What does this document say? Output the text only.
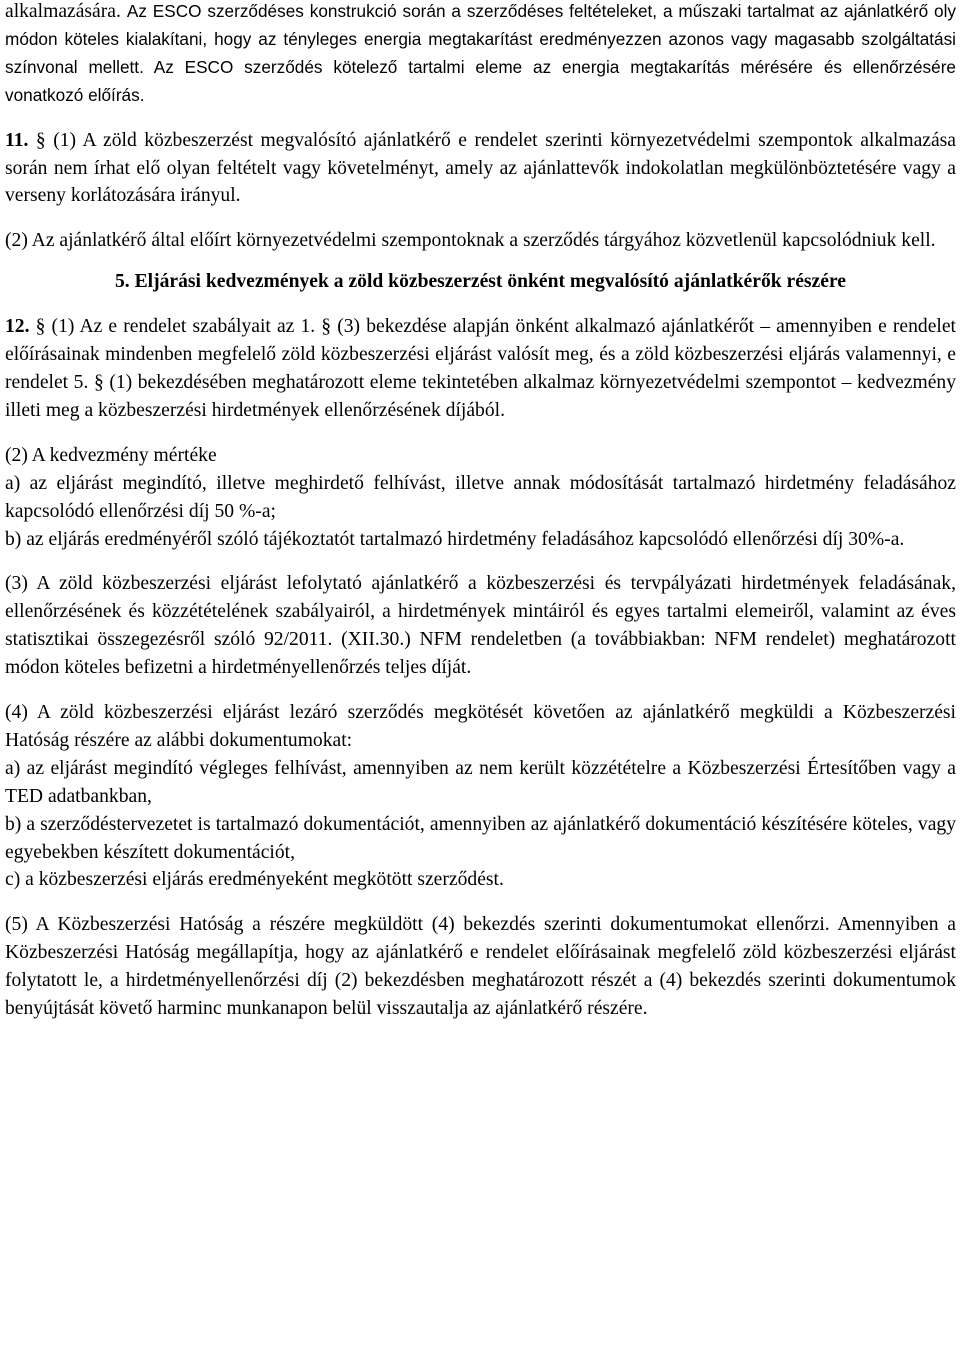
alkalmazására. Az ESCO szerződéses konstrukció során a szerződéses feltételeket, a műszaki tartalmat az ajánlatkérő oly módon köteles kialakítani, hogy az tényleges energia megtakarítást eredményezzen azonos vagy magasabb szolgáltatási színvonal mellett. Az ESCO szerződés kötelező tartalmi eleme az energia megtakarítás mérésére és ellenőrzésére vonatkozó előírás.

11. § (1) A zöld közbeszerzést megvalósító ajánlatkérő e rendelet szerinti környezetvédelmi szempontok alkalmazása során nem írhat elő olyan feltételt vagy követelményt, amely az ajánlattevők indokolatlan megkülönböztetésére vagy a verseny korlátozására irányul.

(2) Az ajánlatkérő által előírt környezetvédelmi szempontoknak a szerződés tárgyához közvetlenül kapcsolódniuk kell.

5. Eljárási kedvezmények a zöld közbeszerzést önként megvalósító ajánlatkérők részére

12. § (1) Az e rendelet szabályait az 1. § (3) bekezdése alapján önként alkalmazó ajánlatkérőt – amennyiben e rendelet előírásainak mindenben megfelelő zöld közbeszerzési eljárást valósít meg, és a zöld közbeszerzési eljárás valamennyi, e rendelet 5. § (1) bekezdésében meghatározott eleme tekintetében alkalmaz környezetvédelmi szempontot – kedvezmény illeti meg a közbeszerzési hirdetmények ellenőrzésének díjából.

(2) A kedvezmény mértéke

a) az eljárást megindító, illetve meghirdető felhívást, illetve annak módosítását tartalmazó hirdetmény feladásához kapcsolódó ellenőrzési díj 50 %-a;

b) az eljárás eredményéről szóló tájékoztatót tartalmazó hirdetmény feladásához kapcsolódó ellenőrzési díj 30%-a.

(3) A zöld közbeszerzési eljárást lefolytató ajánlatkérő a közbeszerzési és tervpályázati hirdetmények feladásának, ellenőrzésének és közzétételének szabályairól, a hirdetmények mintáiról és egyes tartalmi elemeiről, valamint az éves statisztikai összegezésről szóló 92/2011. (XII.30.) NFM rendeletben (a továbbiakban: NFM rendelet) meghatározott módon köteles befizetni a hirdetményellenőrzés teljes díját.

(4) A zöld közbeszerzési eljárást lezáró szerződés megkötését követően az ajánlatkérő megküldi a Közbeszerzési Hatóság részére az alábbi dokumentumokat:

a) az eljárást megindító végleges felhívást, amennyiben az nem került közzétételre a Közbeszerzési Értesítőben vagy a TED adatbankban,

b) a szerződéstervezetet is tartalmazó dokumentációt, amennyiben az ajánlatkérő dokumentáció készítésére köteles, vagy egyebekben készített dokumentációt,

c) a közbeszerzési eljárás eredményeként megkötött szerződést.

(5) A Közbeszerzési Hatóság a részére megküldött (4) bekezdés szerinti dokumentumokat ellenőrzi. Amennyiben a Közbeszerzési Hatóság megállapítja, hogy az ajánlatkérő e rendelet előírásainak megfelelő zöld közbeszerzési eljárást folytatott le, a hirdetményellenőrzési díj (2) bekezdésben meghatározott részét a (4) bekezdés szerinti dokumentumok benyújtását követő harminc munkanapon belül visszautalja az ajánlatkérő részére.
